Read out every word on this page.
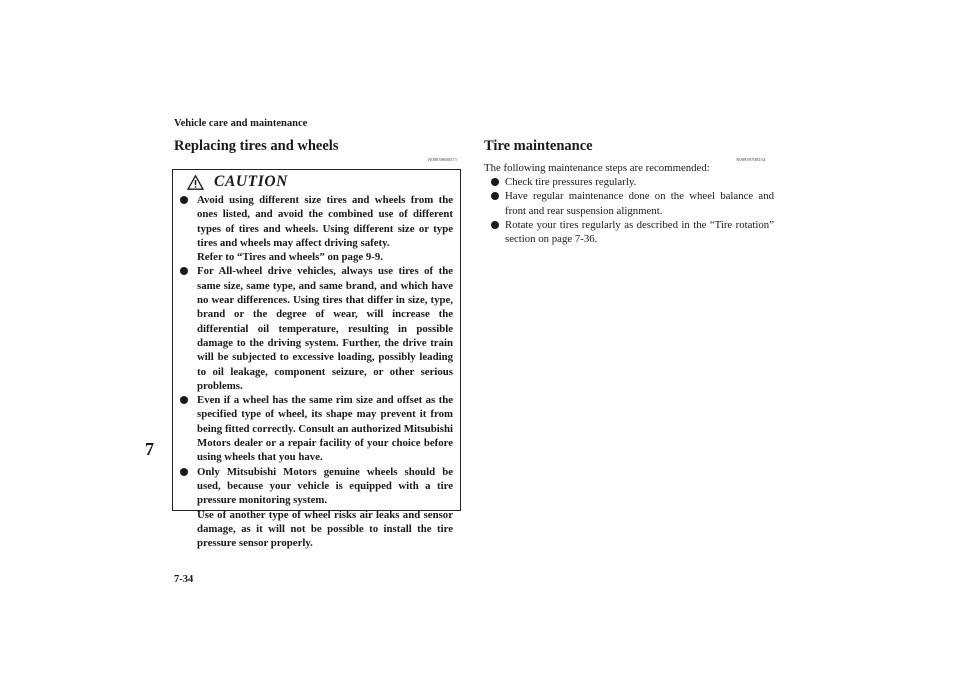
Vehicle care and maintenance
7
Replacing tires and wheels
N00939600371
CAUTION
Avoid using different size tires and wheels from the ones listed, and avoid the combined use of different types of tires and wheels. Using different size or type tires and wheels may affect driving safety.
Refer to “Tires and wheels” on page 9-9.
For All-wheel drive vehicles, always use tires of the same size, same type, and same brand, and which have no wear differences. Using tires that differ in size, type, brand or the degree of wear, will increase the differential oil temperature, resulting in possible damage to the driving system. Further, the drive train will be subjected to excessive loading, possibly leading to oil leakage, component seizure, or other serious problems.
Even if a wheel has the same rim size and offset as the specified type of wheel, its shape may prevent it from being fitted correctly. Consult an authorized Mitsubishi Motors dealer or a repair facility of your choice before using wheels that you have.
Only Mitsubishi Motors genuine wheels should be used, because your vehicle is equipped with a tire pressure monitoring system.
Use of another type of wheel risks air leaks and sensor damage, as it will not be possible to install the tire pressure sensor properly.
Tire maintenance
N00939700154
The following maintenance steps are recommended:
Check tire pressures regularly.
Have regular maintenance done on the wheel balance and front and rear suspension alignment.
Rotate your tires regularly as described in the “Tire rotation” section on page 7-36.
7-34
